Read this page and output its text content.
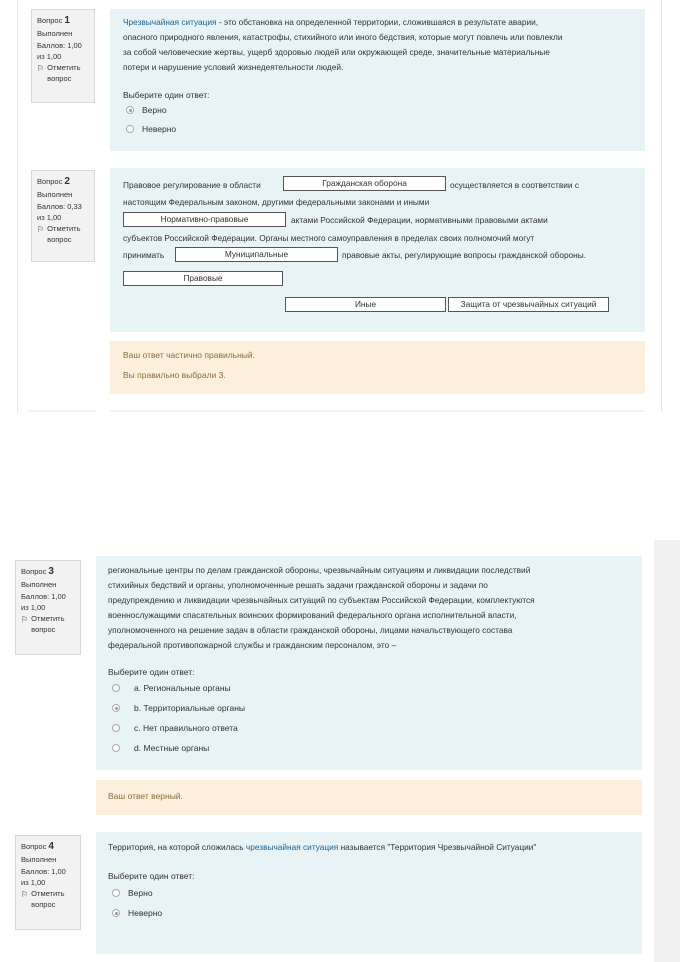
Вопрос 1
Выполнен
Баллов: 1,00 из 1,00
⚐ Отметить вопрос
Чрезвычайная ситуация - это обстановка на определенной территории, сложившаяся в результате аварии,
опасного природного явления, катастрофы, стихийного или иного бедствия, которые могут повлечь или повлекли
за собой человеческие жертвы, ущерб здоровью людей или окружающей среде, значительные материальные
потери и нарушение условий жизнедеятельности людей.
Выберите один ответ:
Верно
Неверно
Вопрос 2
Выполнен
Баллов: 0,33 из 1,00
⚐ Отметить вопрос
Правовое регулирование в области	Гражданская оборона	осуществляется в соответствии с
настоящим Федеральным законом, другими федеральными законами и иными
Нормативно-правовые	актами Российской Федерации, нормативными правовыми актами
субъектов Российской Федерации. Органы местного самоуправления в пределах своих полномочий могут
принимать	Муниципальные	правовые акты, регулирующие вопросы гражданской обороны.
Правовые
Иные	Защита от чрезвычайных ситуаций
Ваш ответ частично правильный.
Вы правильно выбрали 3.
Вопрос 3
Выполнен
Баллов: 1,00 из 1,00
⚐ Отметить вопрос
региональные центры по делам гражданской обороны, чрезвычайным ситуациям и ликвидации последствий
стихийных бедствий и органы, уполномоченные решать задачи гражданской обороны и задачи по
предупреждению и ликвидации чрезвычайных ситуаций по субъектам Российской Федерации, комплектуются
военнослужащими спасательных воинских формирований федерального органа исполнительной власти,
уполномоченного на решение задач в области гражданской обороны, лицами начальствующего состава
федеральной противопожарной службы и гражданским персоналом, это –
Выберите один ответ:
a. Региональные органы
b. Территориальные органы
c. Нет правильного ответа
d. Местные органы
Ваш ответ верный.
Вопрос 4
Выполнен
Баллов: 1,00 из 1,00
⚐ Отметить вопрос
Территория, на которой сложилась чрезвычайная ситуация называется "Территория Чрезвычайной Ситуации"
Выберите один ответ:
Верно
Неверно
